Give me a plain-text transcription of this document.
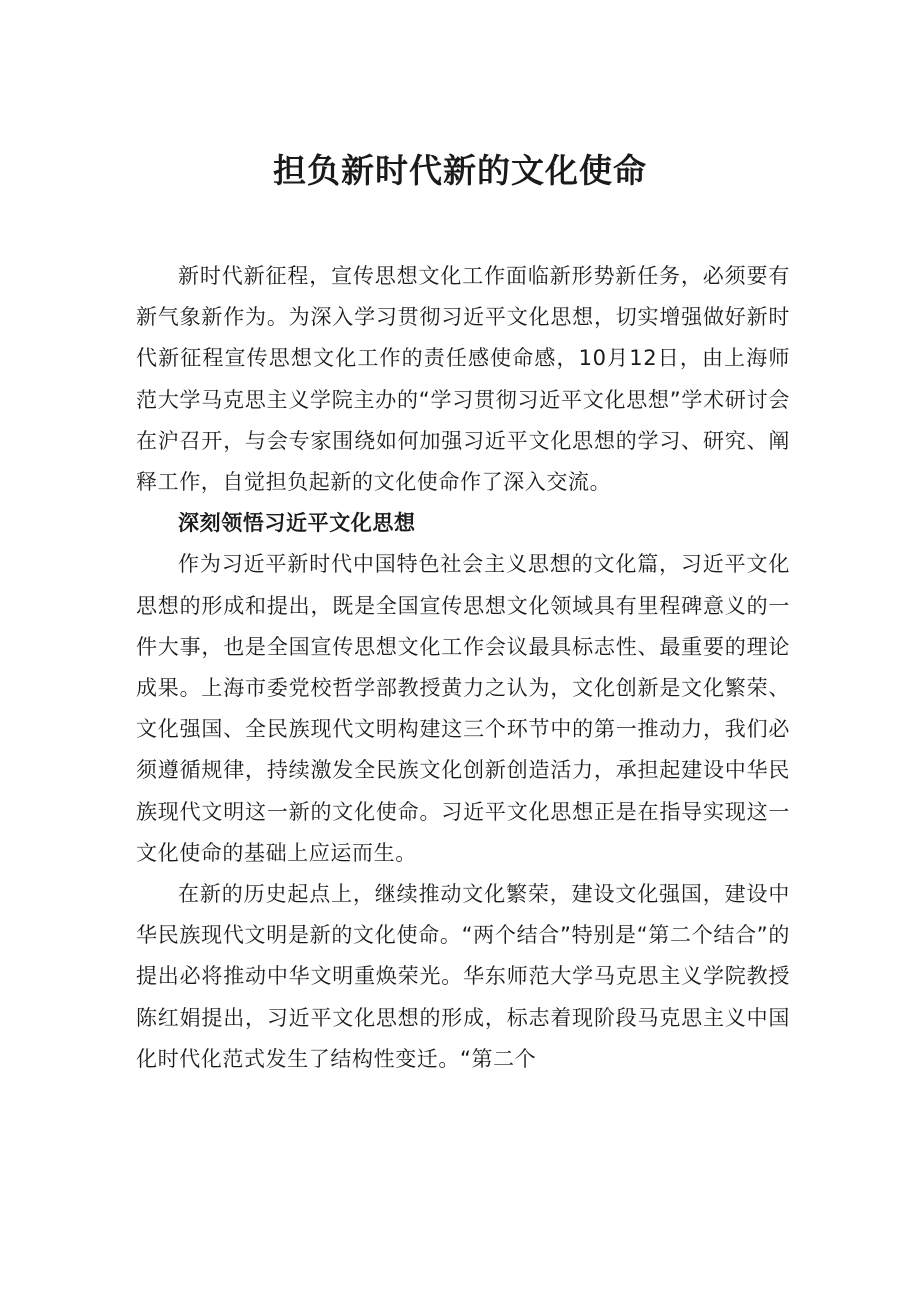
担负新时代新的文化使命

新时代新征程，宣传思想文化工作面临新形势新任务，必须要有新气象新作为。为深入学习贯彻习近平文化思想，切实增强做好新时代新征程宣传思想文化工作的责任感使命感，10月12日，由上海师范大学马克思主义学院主办的“学习贯彻习近平文化思想”学术研讨会在沪召开，与会专家围绕如何加强习近平文化思想的学习、研究、阐释工作，自觉担负起新的文化使命作了深入交流。

深刻领悟习近平文化思想

作为习近平新时代中国特色社会主义思想的文化篇，习近平文化思想的形成和提出，既是全国宣传思想文化领域具有里程碑意义的一件大事，也是全国宣传思想文化工作会议最具标志性、最重要的理论成果。上海市委党校哲学部教授黄力之认为，文化创新是文化繁荣、文化强国、全民族现代文明构建这三个环节中的第一推动力，我们必须遵循规律，持续激发全民族文化创新创造活力，承担起建设中华民族现代文明这一新的文化使命。习近平文化思想正是在指导实现这一文化使命的基础上应运而生。

在新的历史起点上，继续推动文化繁荣，建设文化强国，建设中华民族现代文明是新的文化使命。“两个结合”特别是“第二个结合”的提出必将推动中华文明重焕荣光。华东师范大学马克思主义学院教授陈红娟提出，习近平文化思想的形成，标志着现阶段马克思主义中国化时代化范式发生了结构性变迁。“第二个
